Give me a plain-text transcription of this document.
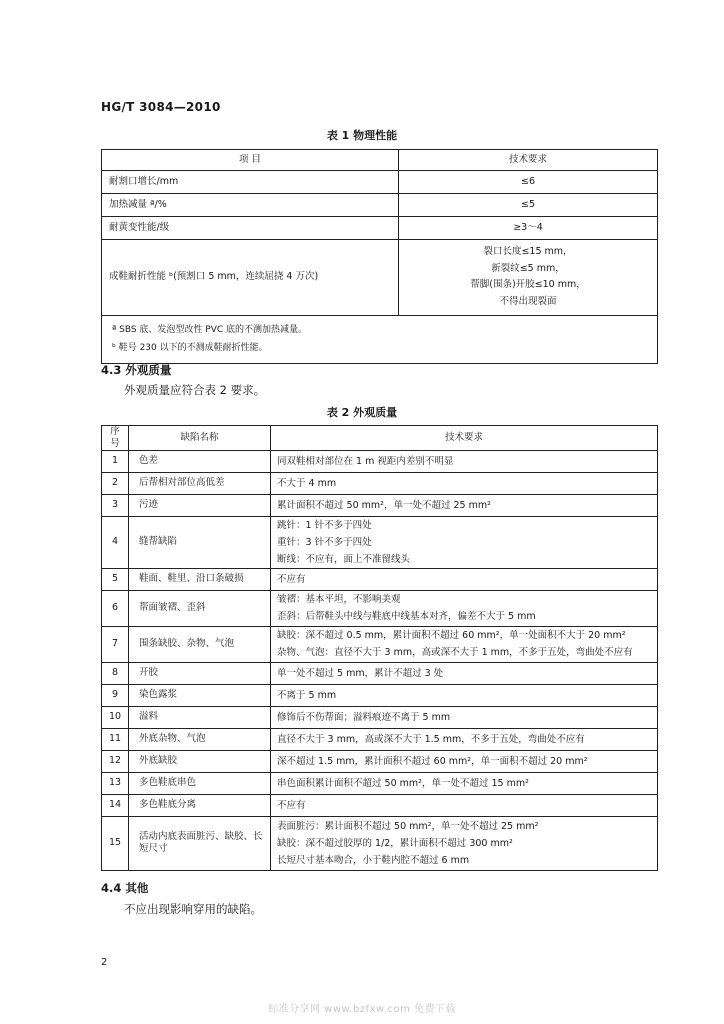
HG/T 3084—2010
表 1 物理性能
项 目	技术要求
耐割口增长/mm	≤6
加热减量 ª/%	≤5
耐黄变性能/级	≥3～4
成鞋耐折性能 ᵇ(预割口 5 mm，连续屈挠 4 万次)	裂口长度≤15 mm，
新裂纹≤5 mm，
帮脚(围条)开胶≤10 mm，
不得出现裂面

ª SBS 底、发泡型改性 PVC 底的不测加热减量。
ᵇ 鞋号 230 以下的不测成鞋耐折性能。	
4.3 外观质量
外观质量应符合表 2 要求。
表 2 外观质量
序号	缺陷名称	技术要求
1	色差	同双鞋相对部位在 1 m 视距内差别不明显

2	后帮相对部位高低差	不大于 4 mm

3	污迹	累计面积不超过 50 mm²，单一处不超过 25 mm²

4	缝帮缺陷	跳针：1 针不多于四处
重针：3 针不多于四处
断线：不应有，面上不准留线头

5	鞋面、鞋里、沿口条破损	不应有

6	帮面皱褶、歪斜	皱褶：基本平坦，不影响美观
歪斜：后帮鞋头中线与鞋底中线基本对齐，偏差不大于 5 mm

7	围条缺胶、杂物、气泡	缺胶：深不超过 0.5 mm，累计面积不超过 60 mm²，单一处面积不大于 20 mm²
杂物、气泡：直径不大于 3 mm，高或深不大于 1 mm，不多于五处，弯曲处不应有

8	开胶	单一处不超过 5 mm，累计不超过 3 处

9	染色露浆	不离于 5 mm

10	溢料	修饰后不伤帮面；溢料痕迹不离于 5 mm

11	外底杂物、气泡	直径不大于 3 mm，高或深不大于 1.5 mm，不多于五处，弯曲处不应有

12	外底缺胶	深不超过 1.5 mm，累计面积不超过 60 mm²，单一面积不超过 20 mm²

13	多色鞋底串色	串色面积累计面积不超过 50 mm²，单一处不超过 15 mm²

14	多色鞋底分离	不应有

15	活动内底表面脏污、缺胶、长短尺寸	表面脏污：累计面积不超过 50 mm²，单一处不超过 25 mm²
缺胶：深不超过胶厚的 1/2，累计面积不超过 300 mm²
长短尺寸基本吻合，小于鞋内腔不超过 6 mm
4.4 其他
不应出现影响穿用的缺陷。
2
标准分享网 www.bzfxw.com 免费下载
